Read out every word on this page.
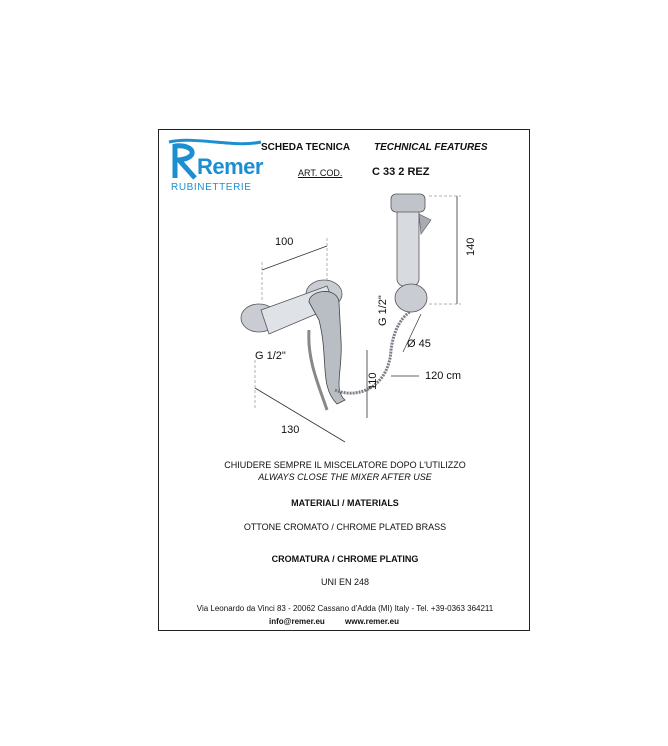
Remer
RUBINETTERIE
SCHEDA TECNICA TECHNICAL FEATURES
ART. COD.	C 33 2 REZ
100
G 1/2"
130
110
140
G 1/2"
Ø 45
120 cm
CHIUDERE SEMPRE IL MISCELATORE DOPO L'UTILIZZO
ALWAYS CLOSE THE MIXER AFTER USE
MATERIALI / MATERIALS
OTTONE CROMATO / CHROME PLATED BRASS
CROMATURA / CHROME PLATING
UNI EN 248
Via Leonardo da Vinci 83 - 20062 Cassano d'Adda (MI) Italy - Tel. +39-0363 364211
info@remer.eu	www.remer.eu
